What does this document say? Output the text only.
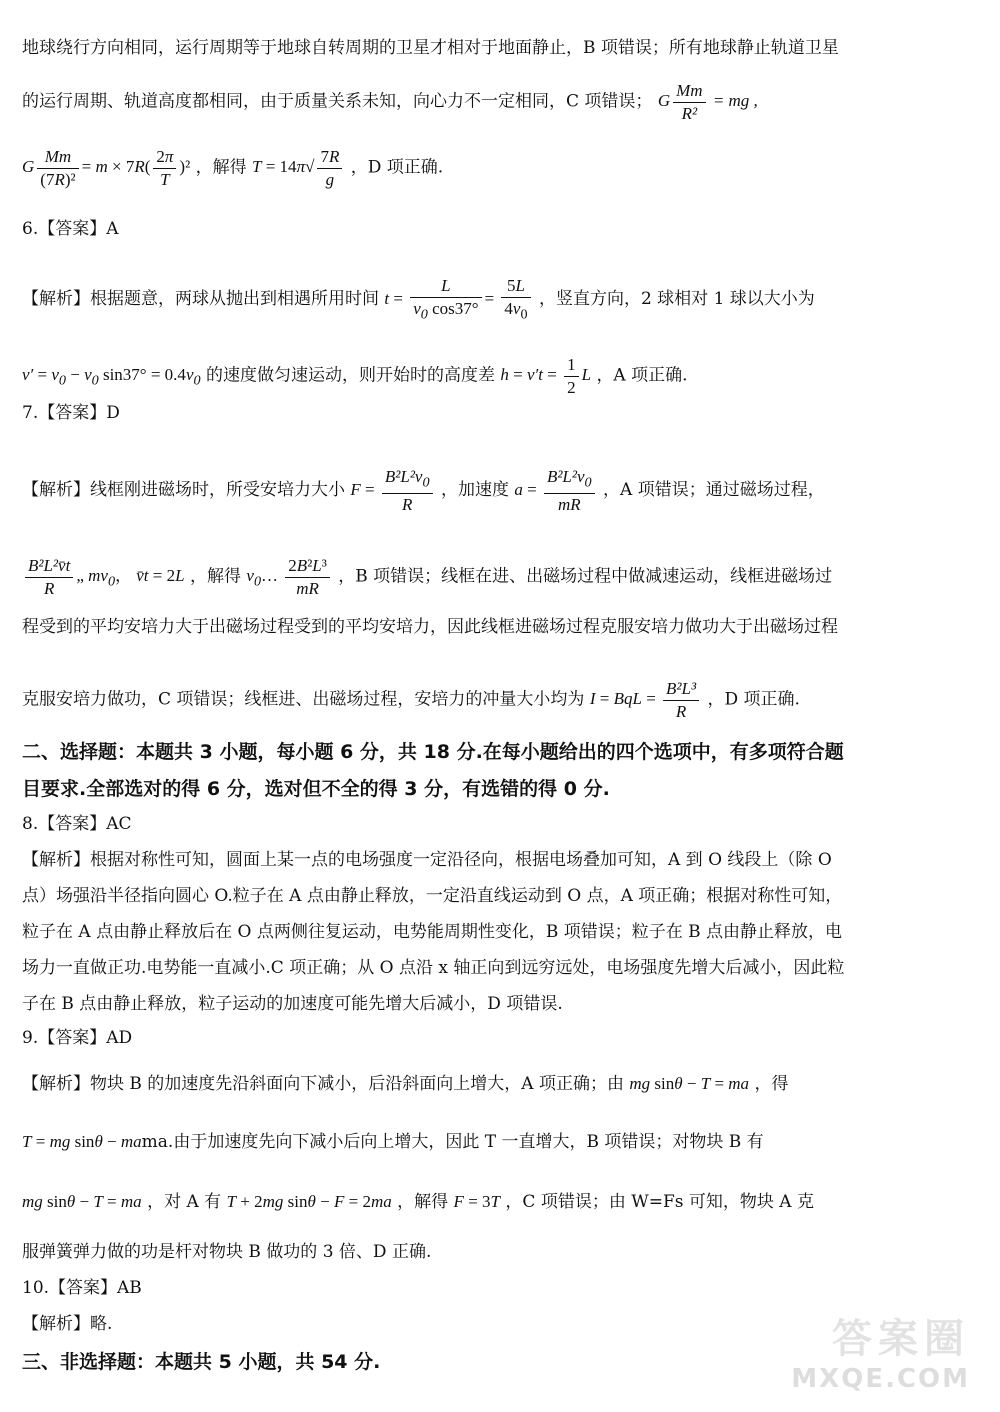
地球绕行方向相同，运行周期等于地球自转周期的卫星才相对于地面静止，B 项错误；所有地球静止轨道卫星
的运行周期、轨道高度都相同，由于质量关系未知，向心力不一定相同，C 项错误； G $\frac{Mm}{\text{R²}}$ = mg ,
G $\frac{Mm}{\text{(7R)²}} = m \times 7R( \frac{2\pi}{T} )^2$ ，解得 $T = 14\pi√ \frac{7R}{g}$ ，D 项正确.
6.【答案】A
【解析】根据题意，两球从抛出到相遇所用时间 $t = \frac{L}{v_0 \cos 37^\circ} = \frac{5L}{4v_0}$ ，竖直方向，2 球相对 1 球以大小为
$v' = v_0 - v_0$ $\sin 37^\circ = 0.4v_0$ 的速度做匀速运动，则开始时的高度差 $h = v't = \frac{1}{2}$ L ，A 项正确.
7.【答案】D
【解析】线框刚进磁场时，所受安培力大小 $F = \frac{B^2L^2v_0}{R}$ ，加速度 $a = \frac{B^2L^2v_0}{mR}$ ，A 项错误；通过磁场过程，
$\frac{\text{B²L²v̄t}}{R}$ „ $mv_0$， v̄t = 2L ，解得 $v_0\dots \frac{\text{2B²L³}}{mR}$ ，B 项错误；线框在进、出磁场过程中做减速运动，线框进磁场过
程受到的平均安培力大于出磁场过程受到的平均安培力，因此线框进磁场过程克服安培力做功大于出磁场过程
克服安培力做功，C 项错误；线框进、出磁场过程，安培力的冲量大小均为 I = BqL = $\frac{\text{B²L³}}{R}$ ，D 项正确.
二、选择题：本题共 3 小题，每小题 6 分，共 18 分.在每小题给出的四个选项中，有多项符合题
目要求.全部选对的得 6 分，选对但不全的得 3 分，有选错的得 0 分.
8.【答案】AC
【解析】根据对称性可知，圆面上某一点的电场强度一定沿径向，根据电场叠加可知，A 到 O 线段上（除 O
点）场强沿半径指向圆心 O.粒子在 A 点由静止释放，一定沿直线运动到 O 点，A 项正确；根据对称性可知，
粒子在 A 点由静止释放后在 O 点两侧往复运动，电势能周期性变化，B 项错误；粒子在 B 点由静止释放，电
场力一直做正功.电势能一直减小.C 项正确；从 O 点沿 x 轴正向到远穷远处，电场强度先增大后减小，因此粒
子在 B 点由静止释放，粒子运动的加速度可能先增大后减小，D 项错误.
9.【答案】AD
【解析】物块 B 的加速度先沿斜面向下减小，后沿斜面向上增大，A 项正确；由 mg sinθ − T = ma ，得
T = mg sinθ − mama.由于加速度先向下减小后向上增大，因此 T 一直增大，B 项错误；对物块 B 有
mg sinθ − T = ma ，对 A 有 T + 2mg sinθ − F = 2ma ，解得 F = 3T ，C 项错误；由 W=Fs 可知，物块 A 克
服弹簧弹力做的功是杆对物块 B 做功的 3 倍、D 正确.
10.【答案】AB
【解析】略.
三、非选择题：本题共 5 小题，共 54 分.	答案圈
MXQE.COM
